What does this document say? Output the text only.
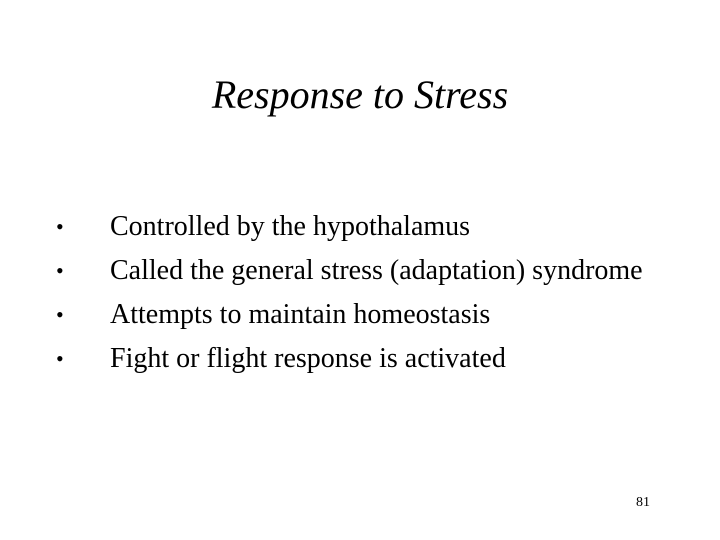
Response to Stress
•	Controlled by the hypothalamus
•	Called the general stress (adaptation) syndrome
•	Attempts to maintain homeostasis
•	Fight or flight response is activated
81
